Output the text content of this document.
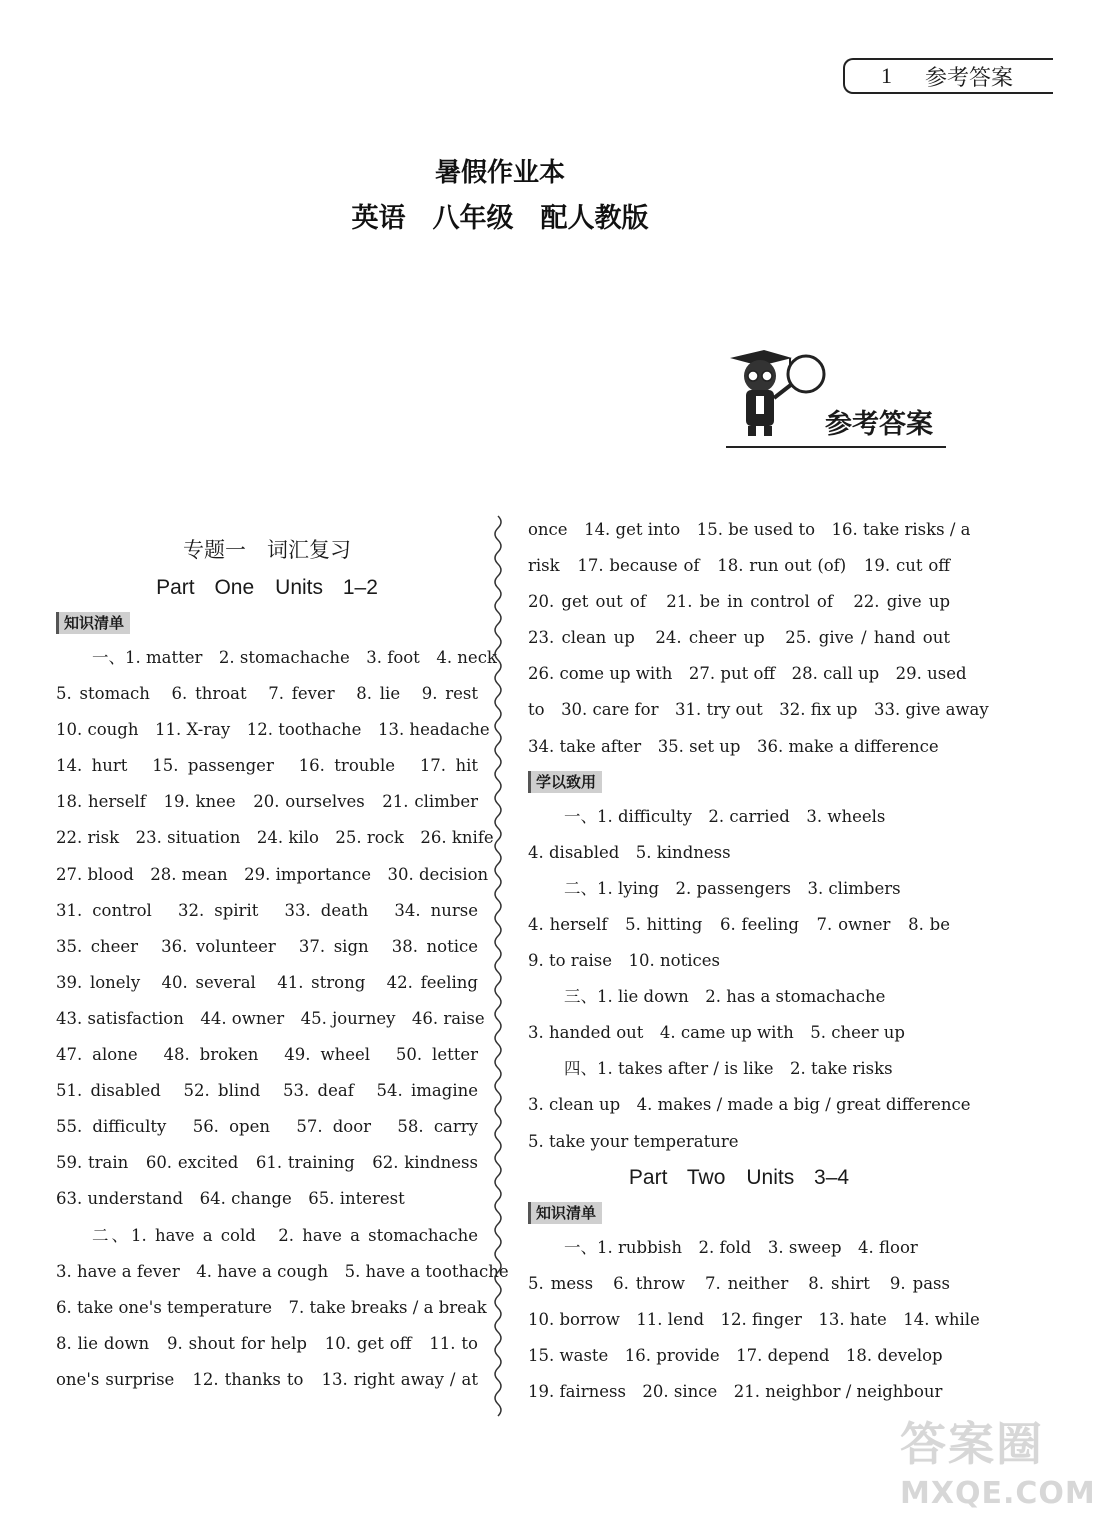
1	参考答案
暑假作业本
英语　八年级　配人教版
参考答案
专题一　词汇复习
Part One　Units 1–2
知识清单
一、1. matter　2. stomachache　3. foot　4. neck
5. stomach　6. throat　7. fever　8. lie　9. rest
10. cough　11. X-ray　12. toothache　13. headache
14. hurt　15. passenger　16. trouble　17. hit
18. herself　19. knee　20. ourselves　21. climber
22. risk　23. situation　24. kilo　25. rock　26. knife
27. blood　28. mean　29. importance　30. decision
31. control　32. spirit　33. death　34. nurse
35. cheer　36. volunteer　37. sign　38. notice
39. lonely　40. several　41. strong　42. feeling
43. satisfaction　44. owner　45. journey　46. raise
47. alone　48. broken　49. wheel　50. letter
51. disabled　52. blind　53. deaf　54. imagine
55. difficulty　56. open　57. door　58. carry
59. train　60. excited　61. training　62. kindness
63. understand　64. change　65. interest
二、1. have a cold　2. have a stomachache
3. have a fever　4. have a cough　5. have a toothache
6. take one's temperature　7. take breaks / a break
8. lie down　9. shout for help　10. get off　11. to
one's surprise　12. thanks to　13. right away / at
once　14. get into　15. be used to　16. take risks / a
risk　17. because of　18. run out (of)　19. cut off
20. get out of　21. be in control of　22. give up
23. clean up　24. cheer up　25. give / hand out
26. come up with　27. put off　28. call up　29. used
to　30. care for　31. try out　32. fix up　33. give away
34. take after　35. set up　36. make a difference
学以致用
一、1. difficulty　2. carried　3. wheels
4. disabled　5. kindness
二、1. lying　2. passengers　3. climbers
4. herself　5. hitting　6. feeling　7. owner　8. be
9. to raise　10. notices
三、1. lie down　2. has a stomachache
3. handed out　4. came up with　5. cheer up
四、1. takes after / is like　2. take risks
3. clean up　4. makes / made a big / great difference
5. take your temperature
Part Two　Units 3–4
知识清单
一、1. rubbish　2. fold　3. sweep　4. floor
5. mess　6. throw　7. neither　8. shirt　9. pass
10. borrow　11. lend　12. finger　13. hate　14. while
15. waste　16. provide　17. depend　18. develop
19. fairness　20. since　21. neighbor / neighbour
答案圈
MXQE.COM
